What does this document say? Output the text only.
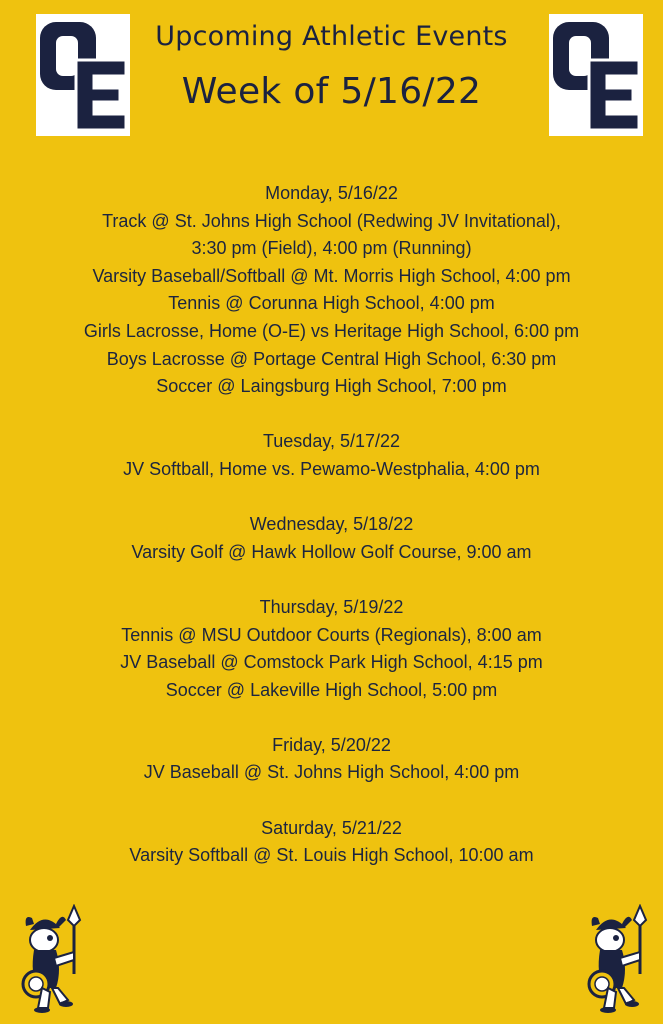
Upcoming Athletic Events
Week of 5/16/22
Monday, 5/16/22
Track @ St. Johns High School (Redwing JV Invitational),
3:30 pm (Field), 4:00 pm (Running)
Varsity Baseball/Softball @ Mt. Morris High School, 4:00 pm
Tennis @ Corunna High School, 4:00 pm
Girls Lacrosse, Home (O-E) vs Heritage High School, 6:00 pm
Boys Lacrosse @ Portage Central High School, 6:30 pm
Soccer @ Laingsburg High School, 7:00 pm
Tuesday, 5/17/22
JV Softball, Home vs. Pewamo-Westphalia, 4:00 pm
Wednesday, 5/18/22
Varsity Golf @ Hawk Hollow Golf Course, 9:00 am
Thursday, 5/19/22
Tennis @ MSU Outdoor Courts (Regionals), 8:00 am
JV Baseball @ Comstock Park High School, 4:15 pm
Soccer @ Lakeville High School, 5:00 pm
Friday, 5/20/22
JV Baseball @ St. Johns High School, 4:00 pm
Saturday, 5/21/22
Varsity Softball @ St. Louis High School, 10:00 am
